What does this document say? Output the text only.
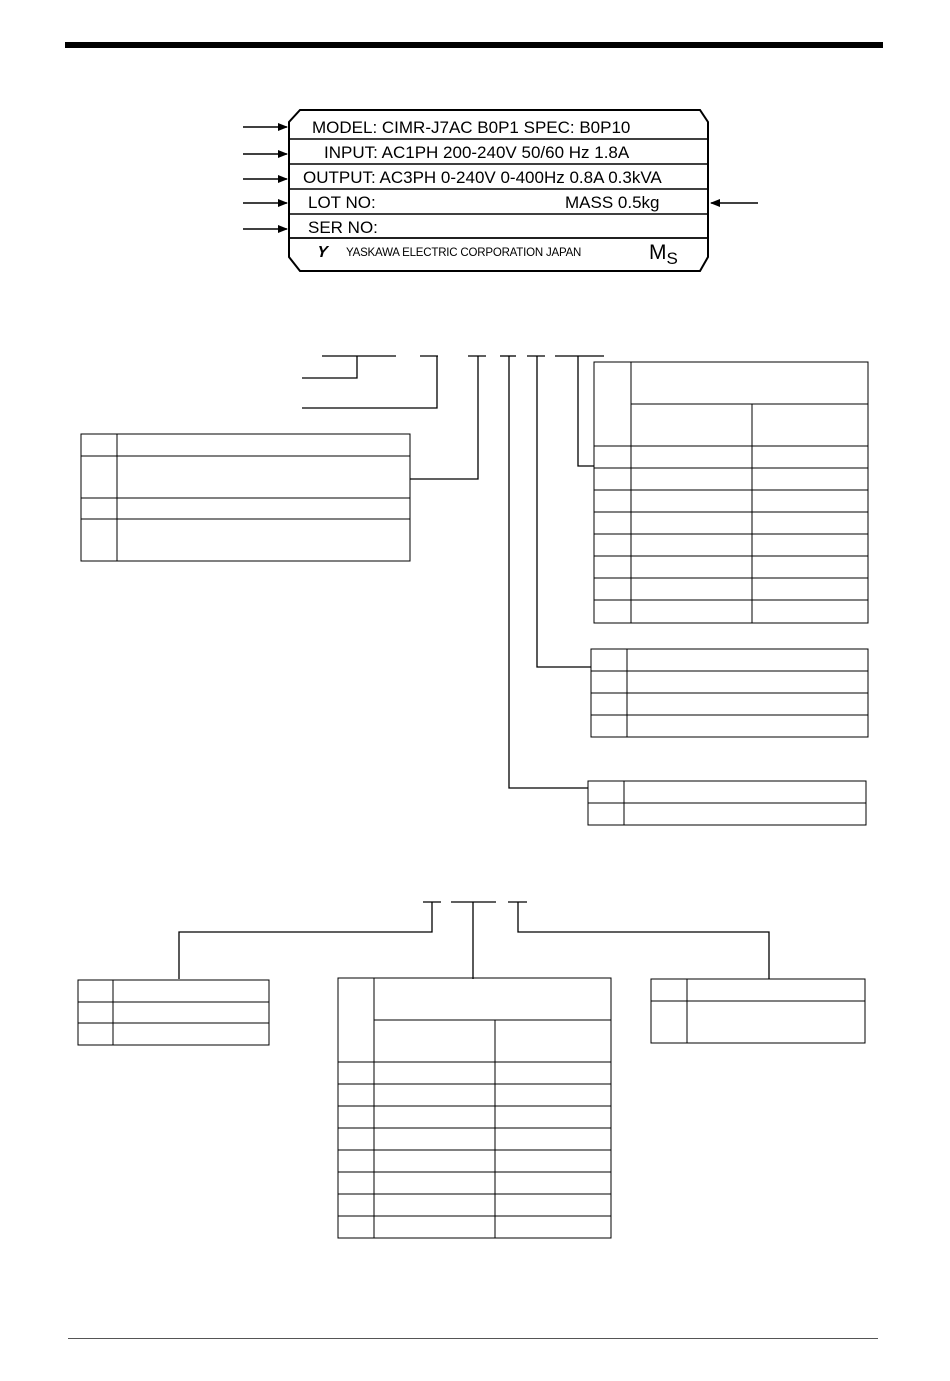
MODEL: CIMR-J7AC B0P1 SPEC: B0P10
INPUT: AC1PH 200-240V 50/60 Hz 1.8A
OUTPUT: AC3PH 0-240V 0-400Hz 0.8A 0.3kVA
LOT NO:	MASS 0.5kg
SER NO:
Y YASKAWA ELECTRIC CORPORATION JAPAN	$M_S$
